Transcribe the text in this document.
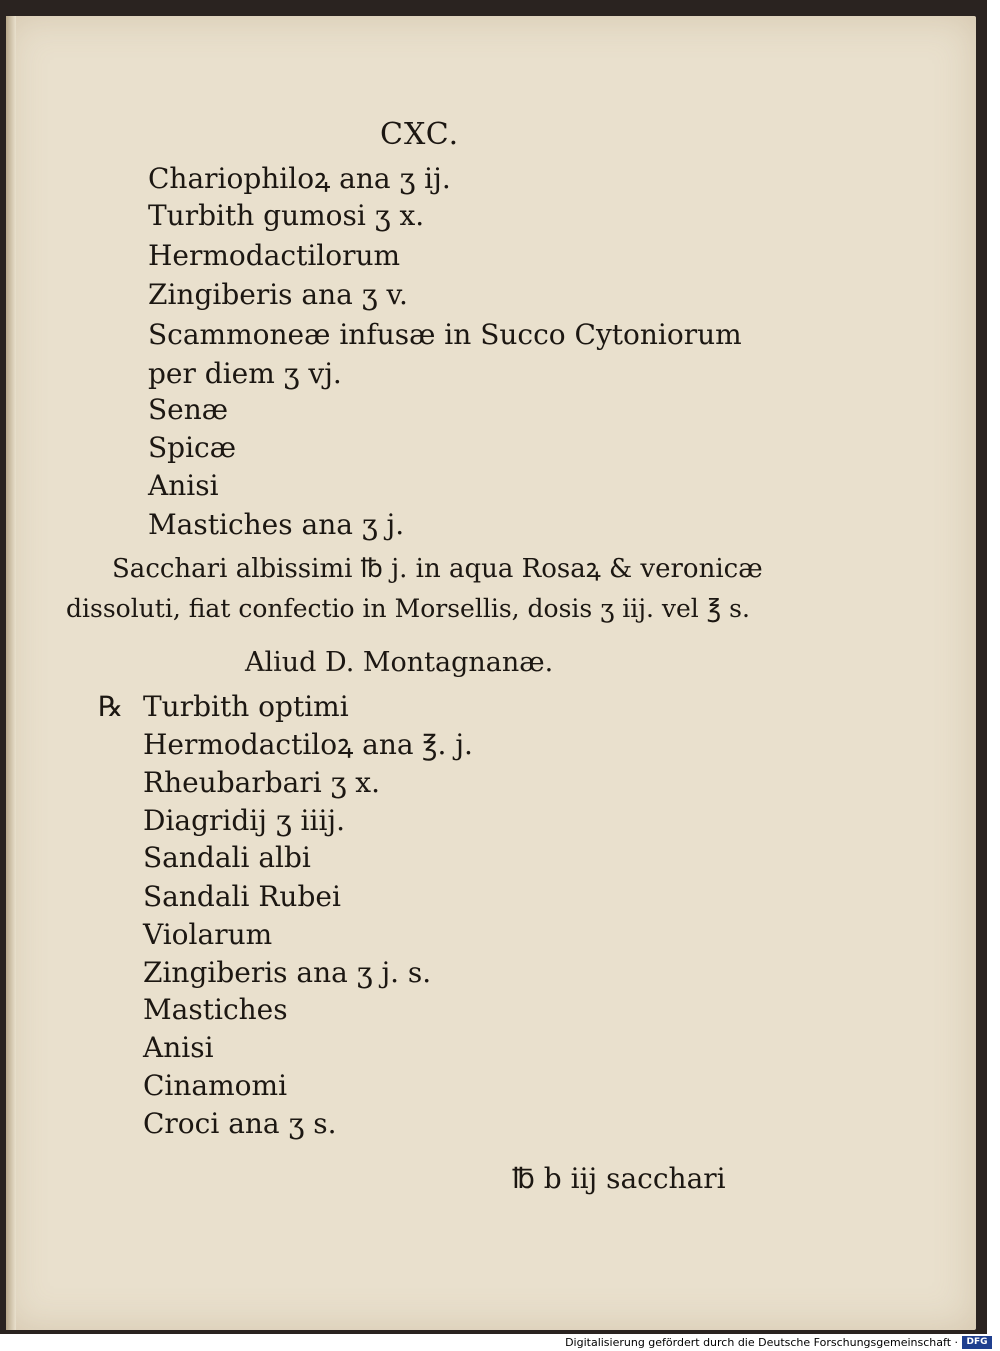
CXC.
Chariophiloꝝ ana ʒ ij.
Turbith gumosi ʒ x.
Hermodactilorum
Zingiberis ana ʒ v.
Scammoneæ infusæ in Succo Cytoniorum
per diem ʒ vj.
Senæ
Spicæ
Anisi
Mastiches ana ʒ j.
Sacchari albissimi ℔ j. in aqua Rosaꝝ & veronicæ
dissoluti, fiat confectio in Morsellis, dosis ʒ iij. vel ℥ s.
Aliud D. Montagnanæ.
℞ Turbith optimi
Hermodactiloꝝ ana ℥. j.
Rheubarbari ʒ x.
Diagridij ʒ iiij.
Sandali albi
Sandali Rubei
Violarum
Zingiberis ana ʒ j. s.
Mastiches
Anisi
Cinamomi
Croci ana ʒ s.
℔ b iij sacchari
Digitalisierung gefördert durch die Deutsche Forschungsgemeinschaft · DFG
